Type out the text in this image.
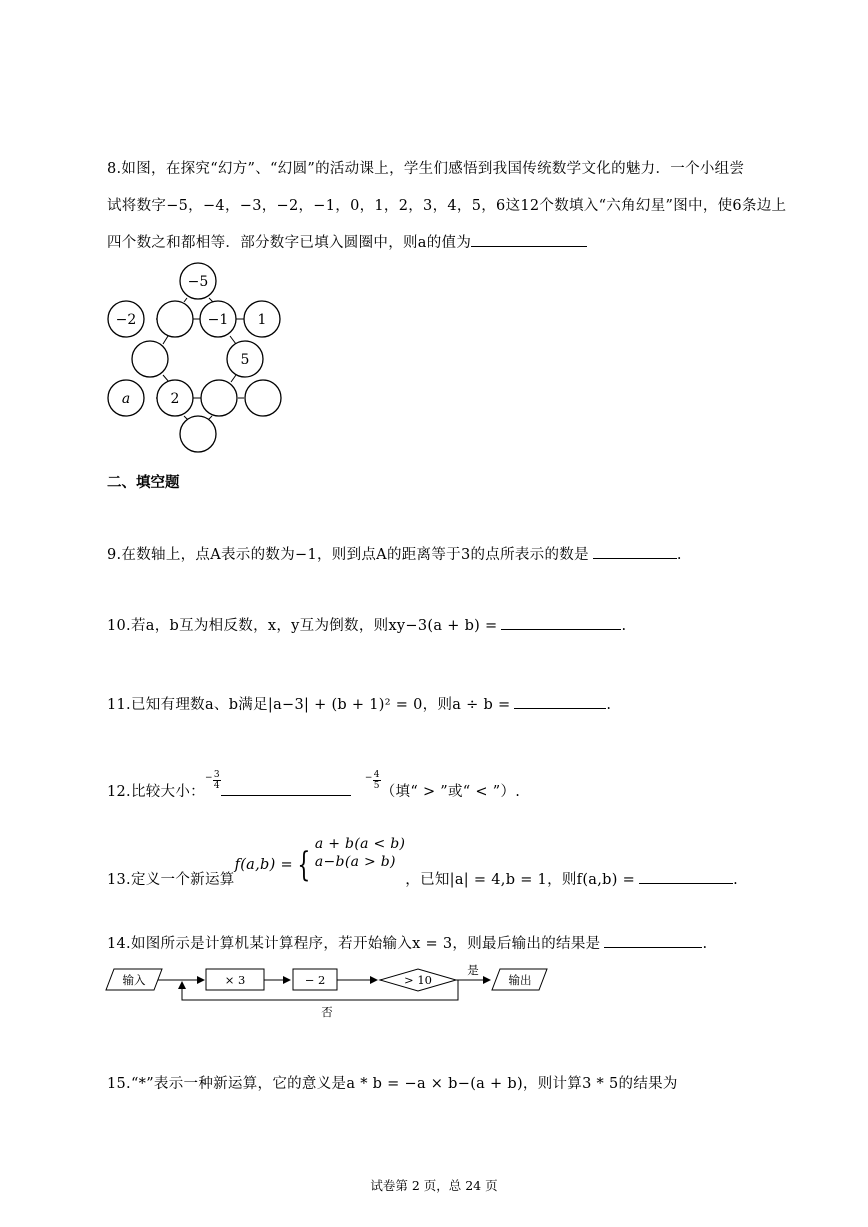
8.如图，在探究“幻方”、“幻圆”的活动课上，学生们感悟到我国传统数学文化的魅力．一个小组尝
试将数字−5，−4，−3，−2，−1，0，1，2，3，4，5，6这12个数填入“六角幻星”图中，使6条边上
四个数之和都相等．部分数字已填入圆圈中，则a的值为
−5
−2	−1 1
5
a	2
二、填空题
9.在数轴上，点A表示的数为−1，则到点A的距离等于3的点所表示的数是	.
10.若a，b互为相反数，x，y互为倒数，则xy−3(a + b) =	.
11.已知有理数a、b满足|a−3| + (b + 1)² = 0，则a ÷ b =	.
12.比较大小：$^- \frac{3}{4}$	$^- \frac{4}{5}$
（填“ > ”或“ < ”）.
13.定义一个新运算f(a,b) = {
a + b(a < b)
a−b(a > b)
，已知|a| = 4,b = 1，则f(a,b) =	.
14.如图所示是计算机某计算程序，若开始输入x = 3，则最后输出的结果是	.
输入	× 3	− 2	> 10
是
输出
否
15.“*”表示一种新运算，它的意义是a * b = −a × b−(a + b)，则计算3 * 5的结果为
试卷第 2 页，总 24 页
